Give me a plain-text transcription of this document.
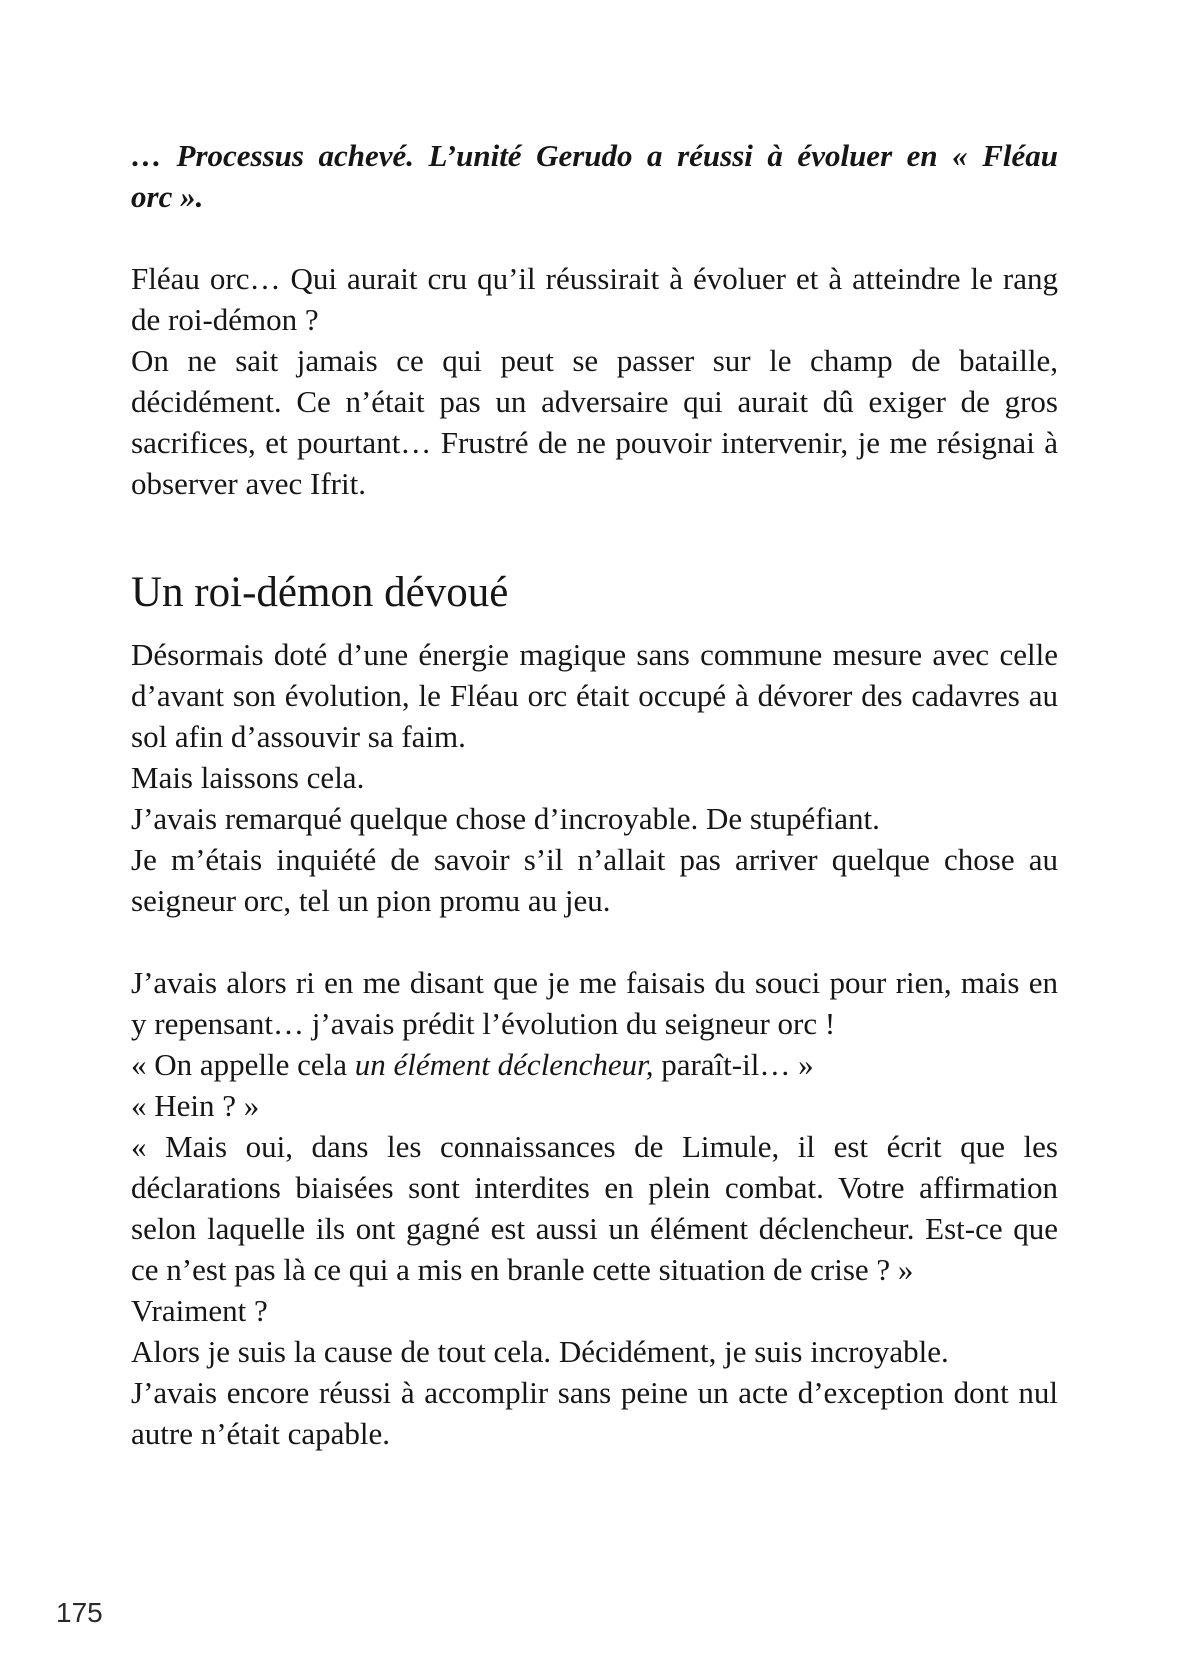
… Processus achevé. L’unité Gerudo a réussi à évoluer en « Fléau orc ».

Fléau orc… Qui aurait cru qu’il réussirait à évoluer et à atteindre le rang de roi-démon ?

On ne sait jamais ce qui peut se passer sur le champ de bataille, décidément. Ce n’était pas un adversaire qui aurait dû exiger de gros sacrifices, et pourtant… Frustré de ne pouvoir intervenir, je me résignai à observer avec Ifrit.

Un roi-démon dévoué

Désormais doté d’une énergie magique sans commune mesure avec celle d’avant son évolution, le Fléau orc était occupé à dévorer des cadavres au sol afin d’assouvir sa faim.

Mais laissons cela.

J’avais remarqué quelque chose d’incroyable. De stupéfiant.

Je m’étais inquiété de savoir s’il n’allait pas arriver quelque chose au seigneur orc, tel un pion promu au jeu.

J’avais alors ri en me disant que je me faisais du souci pour rien, mais en y repensant… j’avais prédit l’évolution du seigneur orc !

« On appelle cela un élément déclencheur, paraît-il… »

« Hein ? »

« Mais oui, dans les connaissances de Limule, il est écrit que les déclarations biaisées sont interdites en plein combat. Votre affirmation selon laquelle ils ont gagné est aussi un élément déclencheur. Est-ce que ce n’est pas là ce qui a mis en branle cette situation de crise ? »

Vraiment ?

Alors je suis la cause de tout cela. Décidément, je suis incroyable.

J’avais encore réussi à accomplir sans peine un acte d’exception dont nul autre n’était capable.

175
